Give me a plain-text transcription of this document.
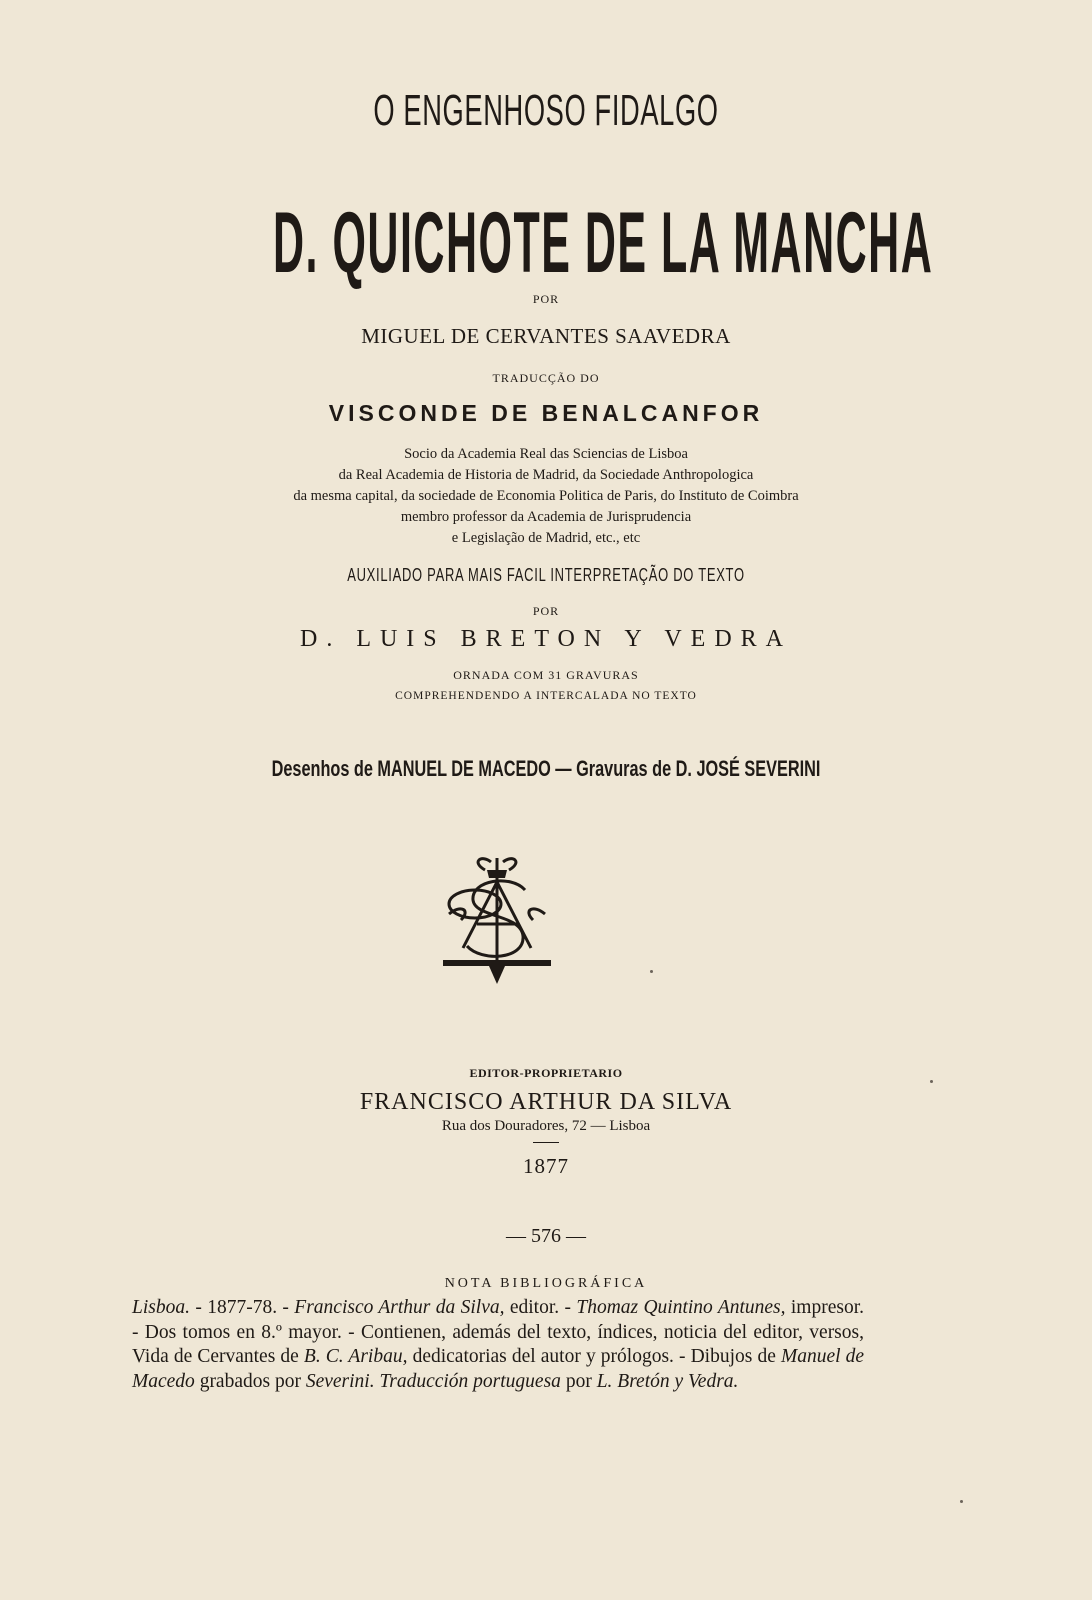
O ENGENHOSO FIDALGO
D. QUICHOTE DE LA MANCHA
POR
MIGUEL DE CERVANTES SAAVEDRA
TRADUCÇÃO DO
VISCONDE DE BENALCANFOR
Socio da Academia Real das Sciencias de Lisboa
da Real Academia de Historia de Madrid, da Sociedade Anthropologica
da mesma capital, da sociedade de Economia Politica de Paris, do Instituto de Coimbra
membro professor da Academia de Jurisprudencia
e Legislação de Madrid, etc., etc
AUXILIADO PARA MAIS FACIL INTERPRETAÇÃO DO TEXTO
POR
D. LUIS BRETON Y VEDRA
ORNADA COM 31 GRAVURAS
COMPREHENDENDO A INTERCALADA NO TEXTO
Desenhos de MANUEL DE MACEDO — Gravuras de D. JOSÉ SEVERINI
EDITOR-PROPRIETARIO
FRANCISCO ARTHUR DA SILVA
Rua dos Douradores, 72 — Lisboa
1877
— 576 —
NOTA BIBLIOGRÁFICA
Lisboa. - 1877-78. - Francisco Arthur da Silva, editor. - Thomaz Quintino Antunes, impresor. - Dos tomos en 8.º mayor. - Contienen, además del texto, índices, noticia del editor, versos, Vida de Cervantes de B. C. Aribau, dedicatorias del autor y prólogos. - Dibujos de Manuel de Macedo grabados por Severini. Traducción portuguesa por L. Bretón y Vedra.
